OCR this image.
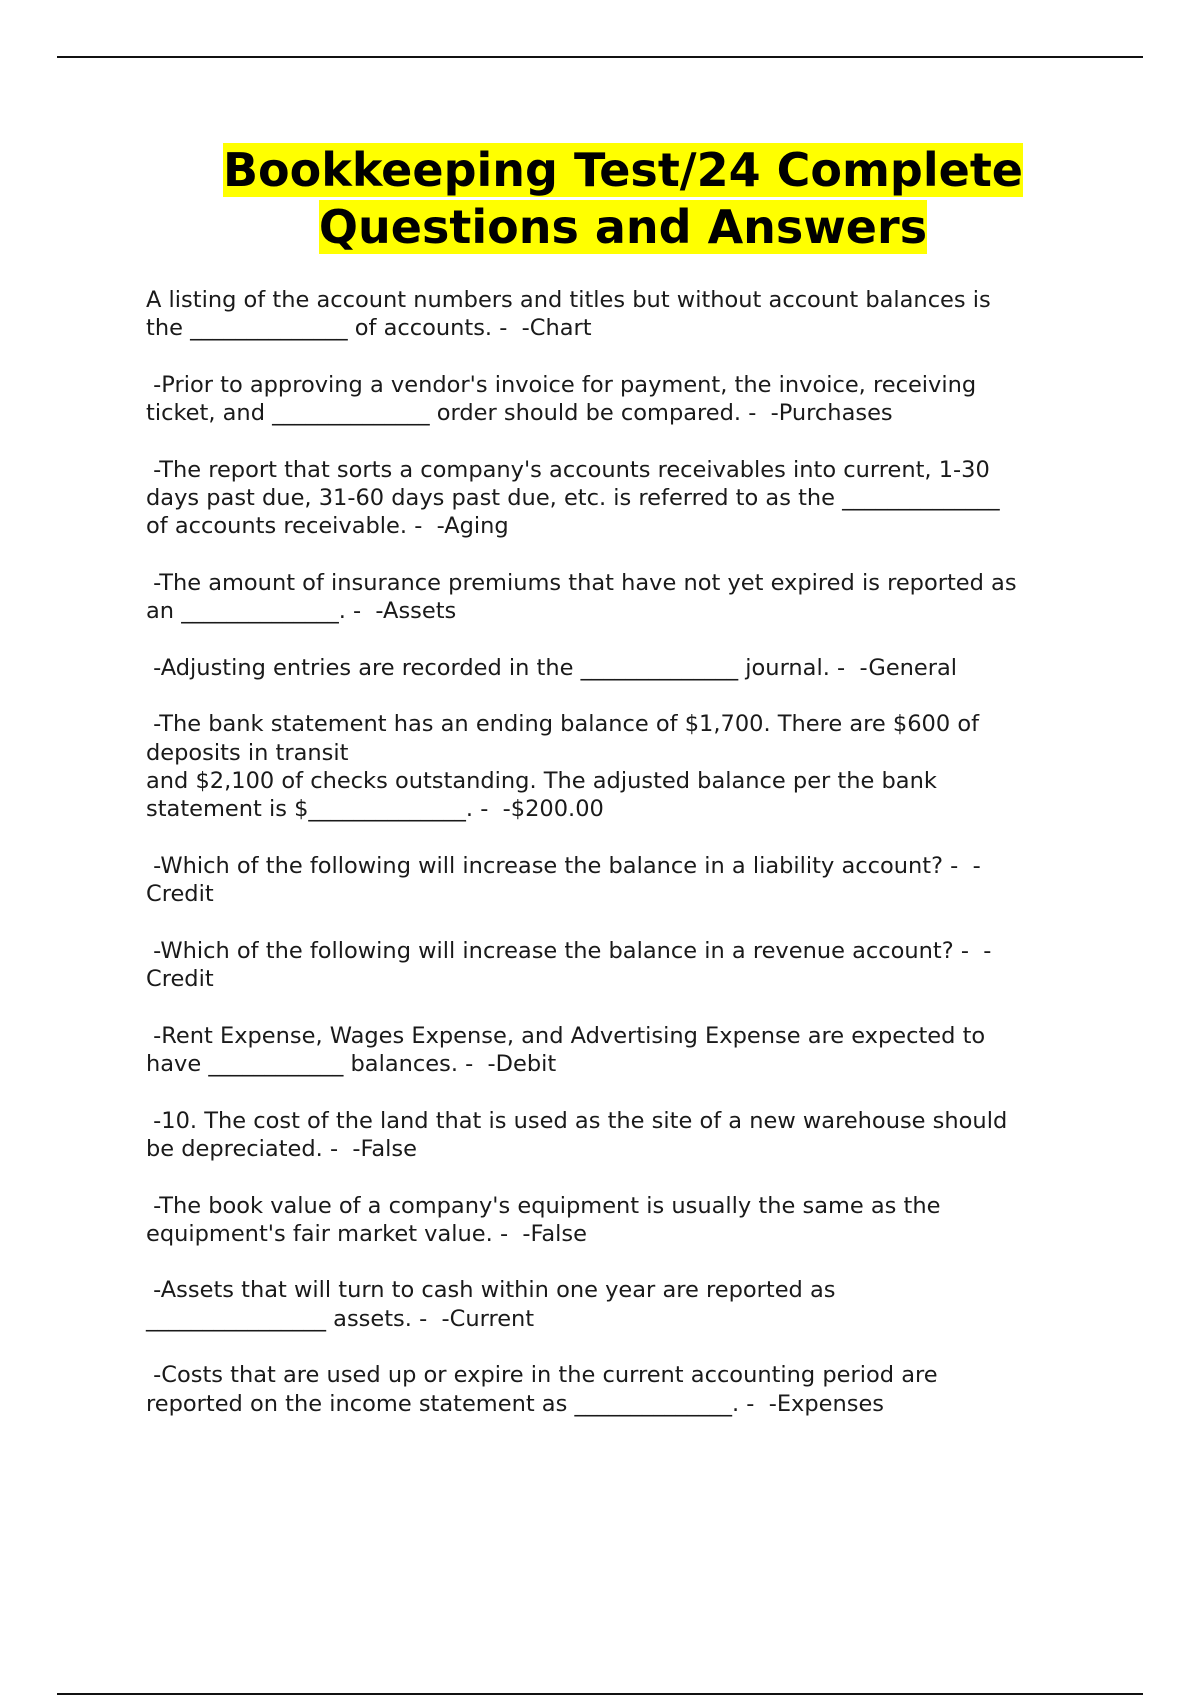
Bookkeeping Test/24 Complete
Questions and Answers
A listing of the account numbers and titles but without account balances is
the ______________ of accounts. -  -Chart
-Prior to approving a vendor's invoice for payment, the invoice, receiving
ticket, and ______________ order should be compared. -  -Purchases
-The report that sorts a company's accounts receivables into current, 1-30
days past due, 31-60 days past due, etc. is referred to as the ______________
of accounts receivable. -  -Aging
-The amount of insurance premiums that have not yet expired is reported as
an ______________. -  -Assets
-Adjusting entries are recorded in the ______________ journal. -  -General
-The bank statement has an ending balance of $1,700. There are $600 of
deposits in transit
and $2,100 of checks outstanding. The adjusted balance per the bank
statement is $______________. -  -$200.00
-Which of the following will increase the balance in a liability account? -  -
Credit
-Which of the following will increase the balance in a revenue account? -  -
Credit
-Rent Expense, Wages Expense, and Advertising Expense are expected to
have ____________ balances. -  -Debit
-10. The cost of the land that is used as the site of a new warehouse should
be depreciated. -  -False
-The book value of a company's equipment is usually the same as the
equipment's fair market value. -  -False
-Assets that will turn to cash within one year are reported as
________________ assets. -  -Current
-Costs that are used up or expire in the current accounting period are
reported on the income statement as ______________. -  -Expenses
